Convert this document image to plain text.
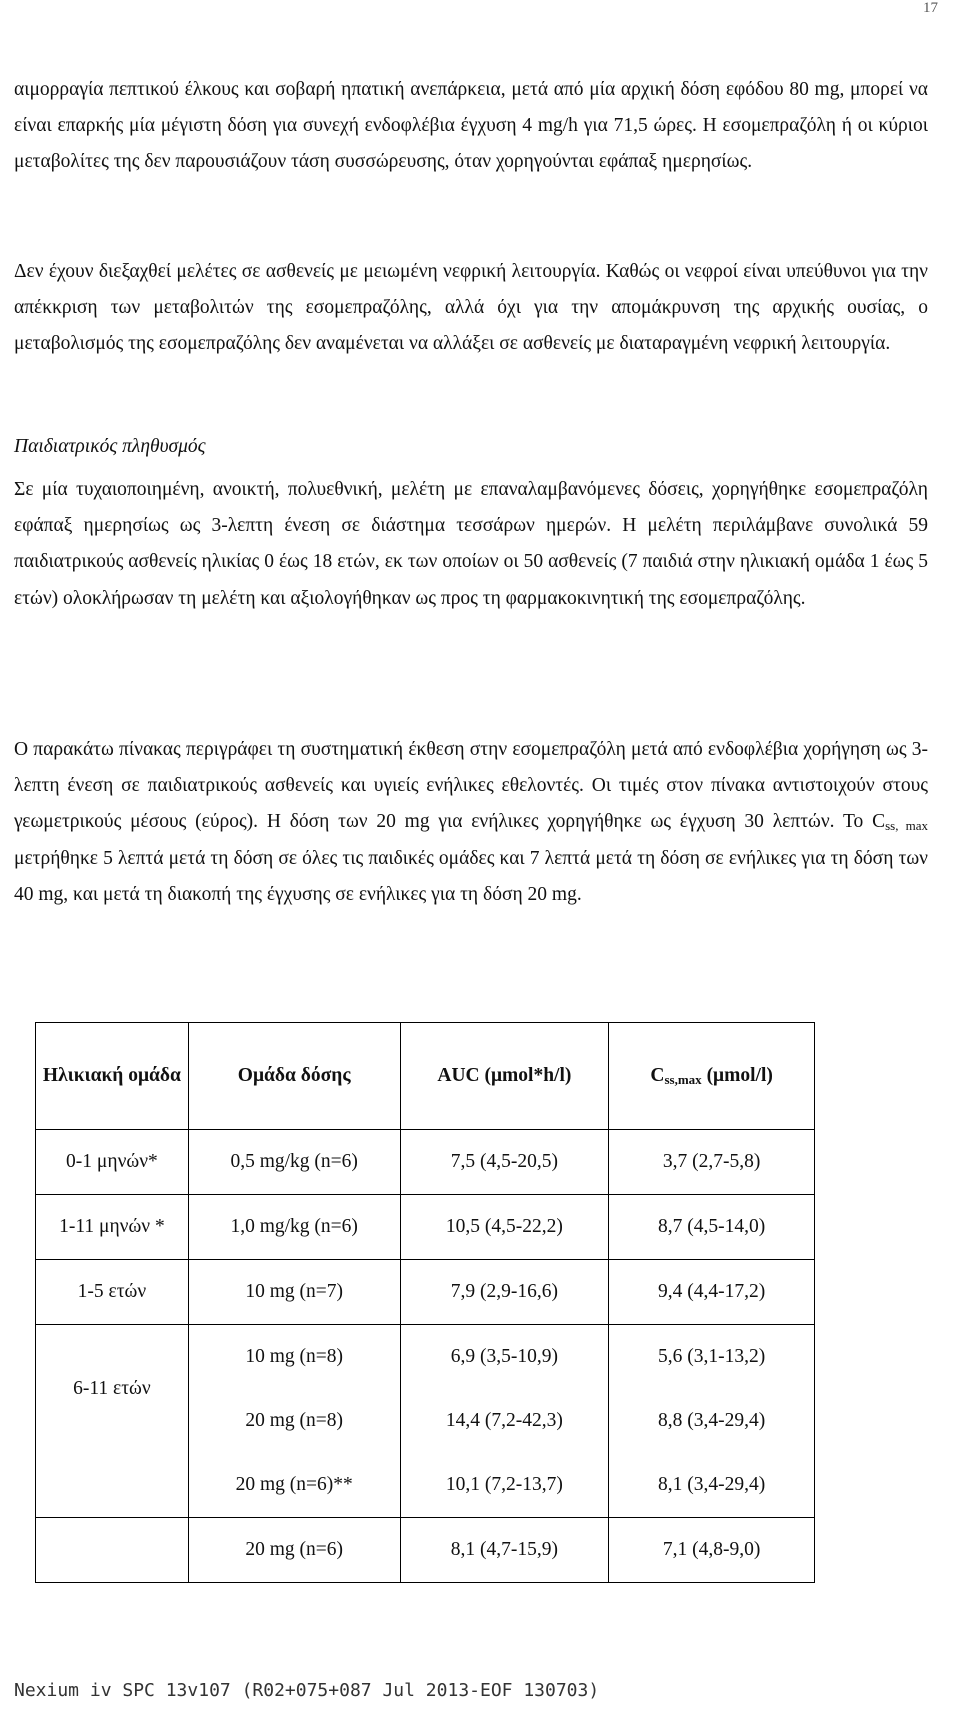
17

αιμορραγία πεπτικού έλκους και σοβαρή ηπατική ανεπάρκεια, μετά από μία αρχική δόση εφόδου 80 mg, μπορεί να είναι επαρκής μία μέγιστη δόση για συνεχή ενδοφλέβια έγχυση 4 mg/h για 71,5 ώρες. Η εσομεπραζόλη ή οι κύριοι μεταβολίτες της δεν παρουσιάζουν τάση συσσώρευσης, όταν χορηγούνται εφάπαξ ημερησίως.

Δεν έχουν διεξαχθεί μελέτες σε ασθενείς με μειωμένη νεφρική λειτουργία. Καθώς οι νεφροί είναι υπεύθυνοι για την απέκκριση των μεταβολιτών της εσομεπραζόλης, αλλά όχι για την απομάκρυνση της αρχικής ουσίας, ο μεταβολισμός της εσομεπραζόλης δεν αναμένεται να αλλάξει σε ασθενείς με διαταραγμένη νεφρική λειτουργία.

Παιδιατρικός πληθυσμός

Σε μία τυχαιοποιημένη, ανοικτή, πολυεθνική, μελέτη με επαναλαμβανόμενες δόσεις, χορηγήθηκε εσομεπραζόλη εφάπαξ ημερησίως ως 3-λεπτη ένεση σε διάστημα τεσσάρων ημερών. Η μελέτη περιλάμβανε συνολικά 59 παιδιατρικούς ασθενείς ηλικίας 0 έως 18 ετών, εκ των οποίων οι 50 ασθενείς (7 παιδιά στην ηλικιακή ομάδα 1 έως 5 ετών) ολοκλήρωσαν τη μελέτη και αξιολογήθηκαν ως προς τη φαρμακοκινητική της εσομεπραζόλης.

Ο παρακάτω πίνακας περιγράφει τη συστηματική έκθεση στην εσομεπραζόλη μετά από ενδοφλέβια χορήγηση ως 3-λεπτη ένεση σε παιδιατρικούς ασθενείς και υγιείς ενήλικες εθελοντές. Οι τιμές στον πίνακα αντιστοιχούν στους γεωμετρικούς μέσους (εύρος). Η δόση των 20 mg για ενήλικες χορηγήθηκε ως έγχυση 30 λεπτών. Το $C_{ss, max}$ μετρήθηκε 5 λεπτά μετά τη δόση σε όλες τις παιδικές ομάδες και 7 λεπτά μετά τη δόση σε ενήλικες για τη δόση των 40 mg, και μετά τη διακοπή της έγχυσης σε ενήλικες για τη δόση 20 mg.

Ηλικιακή ομάδα	Ομάδα δόσης	AUC (μmol*h/l)	$C_{ss,max}$ (μmol/l)
0-1 μηνών*	0,5 mg/kg (n=6)	7,5 (4,5-20,5)	3,7 (2,7-5,8)
1-11 μηνών *	1,0 mg/kg (n=6)	10,5 (4,5-22,2)	8,7 (4,5-14,0)
1-5 ετών	10 mg (n=7)	7,9 (2,9-16,6)	9,4 (4,4-17,2)
6-11 ετών	10 mg (n=8)	6,9 (3,5-10,9)	5,6 (3,1-13,2)
	20 mg (n=8)	14,4 (7,2-42,3)	8,8 (3,4-29,4)
	20 mg (n=6)**	10,1 (7,2-13,7)	8,1 (3,4-29,4)
	20 mg (n=6)	8,1 (4,7-15,9)	7,1 (4,8-9,0)
Nexium iv SPC 13v107 (R02+075+087 Jul 2013-EOF 130703)
